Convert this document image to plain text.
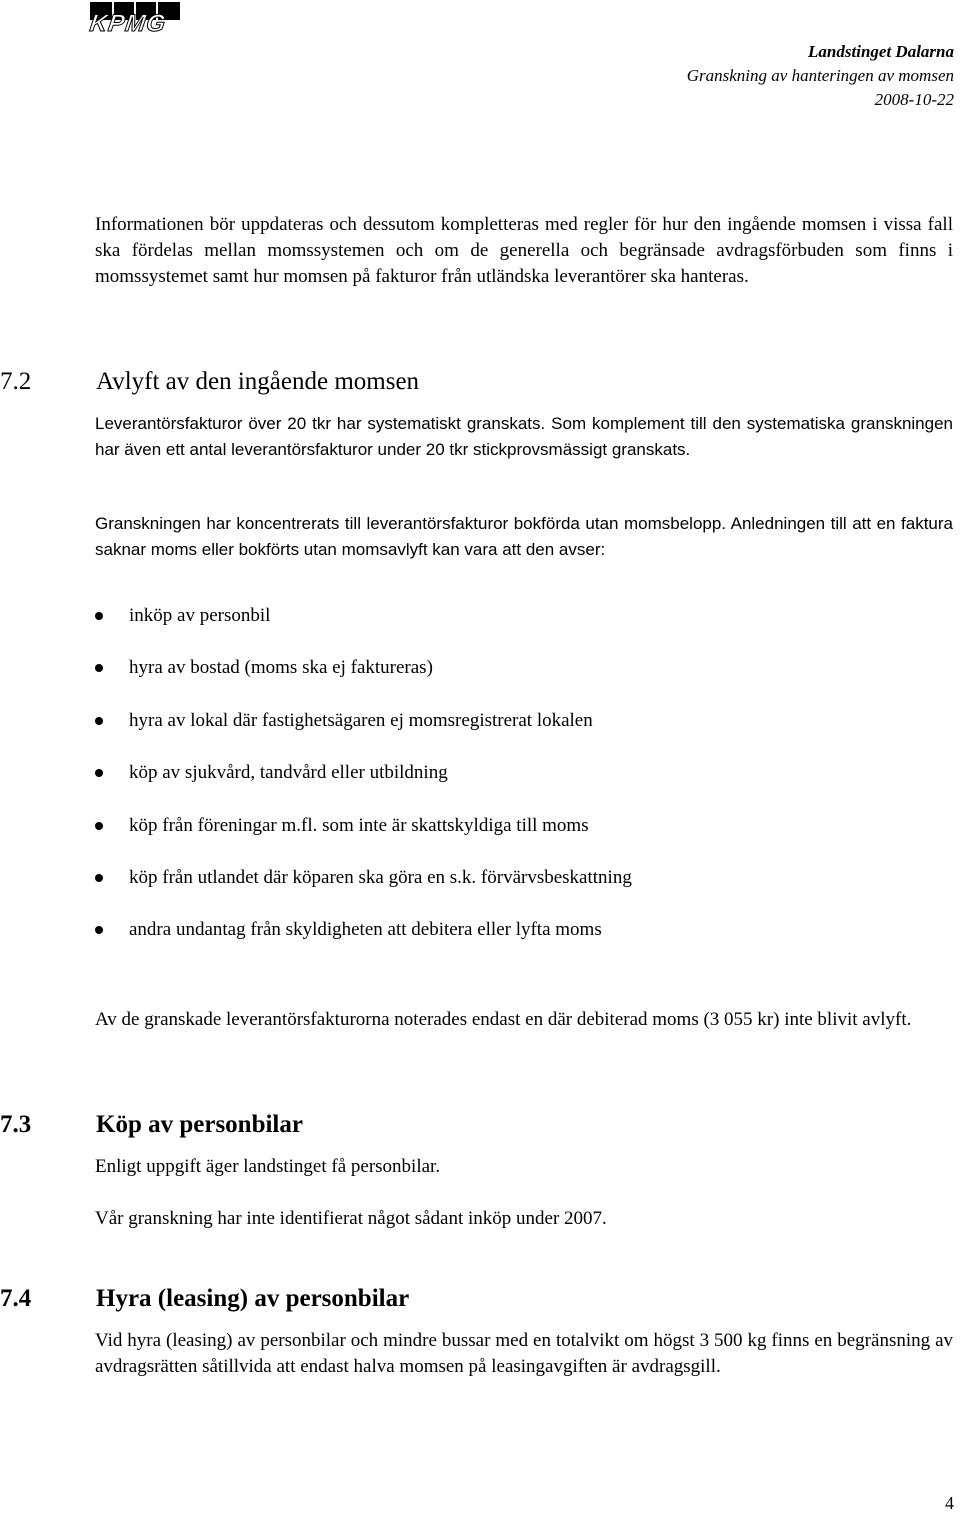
KPMG
Landstinget Dalarna
Granskning av hanteringen av momsen
2008-10-22
Informationen bör uppdateras och dessutom kompletteras med regler för hur den ingående momsen i vissa fall ska fördelas mellan momssystemen och om de generella och begränsade avdragsförbuden som finns i momssystemet samt hur momsen på fakturor från utländska leverantörer ska hanteras.
7.2	Avlyft av den ingående momsen
Leverantörsfakturor över 20 tkr har systematiskt granskats. Som komplement till den systematiska granskningen har även ett antal leverantörsfakturor under 20 tkr stickprovsmässigt granskats.
Granskningen har koncentrerats till leverantörsfakturor bokförda utan momsbelopp. Anledningen till att en faktura saknar moms eller bokförts utan momsavlyft kan vara att den avser:
inköp av personbil
hyra av bostad (moms ska ej faktureras)
hyra av lokal där fastighetsägaren ej momsregistrerat lokalen
köp av sjukvård, tandvård eller utbildning
köp från föreningar m.fl. som inte är skattskyldiga till moms
köp från utlandet där köparen ska göra en s.k. förvärvsbeskattning
andra undantag från skyldigheten att debitera eller lyfta moms
Av de granskade leverantörsfakturorna noterades endast en där debiterad moms (3 055 kr) inte blivit avlyft.
7.3	Köp av personbilar
Enligt uppgift äger landstinget få personbilar.
Vår granskning har inte identifierat något sådant inköp under 2007.
7.4	Hyra (leasing) av personbilar
Vid hyra (leasing) av personbilar och mindre bussar med en totalvikt om högst 3 500 kg finns en begränsning av avdragsrätten såtillvida att endast halva momsen på leasingavgiften är avdragsgill.
4
